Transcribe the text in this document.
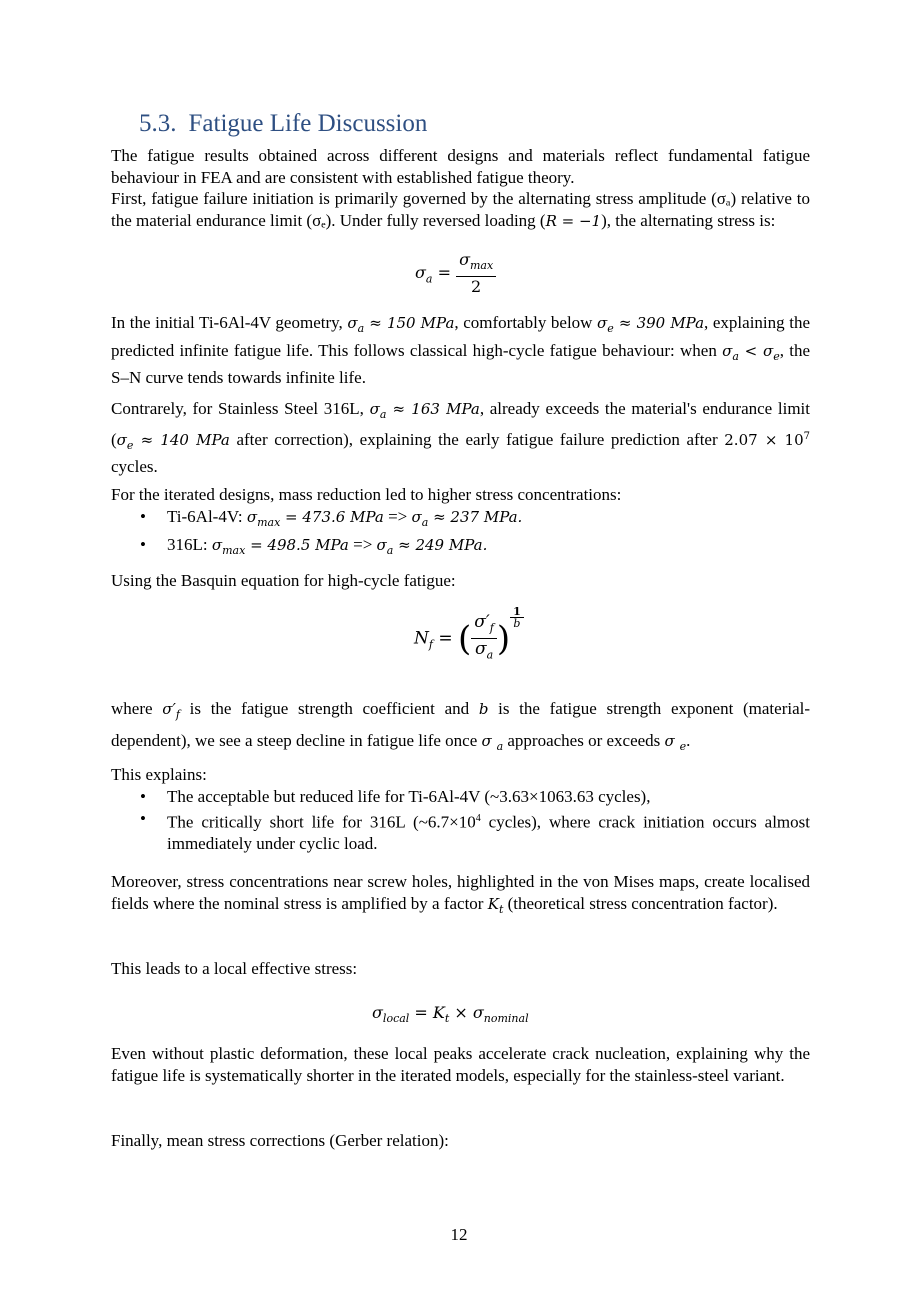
5.3. Fatigue Life Discussion

The fatigue results obtained across different designs and materials reflect fundamental fatigue behaviour in FEA and are consistent with established fatigue theory.

First, fatigue failure initiation is primarily governed by the alternating stress amplitude (σₐ) relative to the material endurance limit (σₑ). Under fully reversed loading (R = −1), the alternating stress is:

$\sigma_a = \frac{\sigma_{max}}{2}$

In the initial Ti-6Al-4V geometry, $\sigma_a \approx 150$ MPa, comfortably below $\sigma_e \approx 390$ MPa, explaining the predicted infinite fatigue life. This follows classical high-cycle fatigue behaviour: when $\sigma_a < \sigma_e$, the S–N curve tends towards infinite life.

Contrarely, for Stainless Steel 316L, $\sigma_a \approx 163$ MPa, already exceeds the material's endurance limit ($\sigma_e \approx 140$ MPa after correction), explaining the early fatigue failure prediction after $2.07 \times 10^7$ cycles.

For the iterated designs, mass reduction led to higher stress concentrations:

• Ti-6Al-4V: $\sigma_{max} = 473.6$ MPa => $\sigma_a \approx 237$ MPa.
• 316L: $\sigma_{max} = 498.5$ MPa => $\sigma_a \approx 249$ MPa.

Using the Basquin equation for high-cycle fatigue:

$N_f$ = ( $\frac{\sigma'_f}{\sigma_a}$ )
$\frac{1}{b}$

where $\sigma'_f$ is the fatigue strength coefficient and b is the fatigue strength exponent (material-dependent), we see a steep decline in fatigue life once σ $_a$ approaches or exceeds σ $_e$.

This explains:

• The acceptable but reduced life for Ti-6Al-4V (~3.63×1063.63 cycles),
• The critically short life for 316L ($\sim 6.7\times 10^4$ cycles), where crack initiation occurs almost immediately under cyclic load.

Moreover, stress concentrations near screw holes, highlighted in the von Mises maps, create localised fields where the nominal stress is amplified by a factor $K_t$ (theoretical stress concentration factor).

This leads to a local effective stress:

$\sigma_{local} = K_t \times \sigma_{nominal}$

Even without plastic deformation, these local peaks accelerate crack nucleation, explaining why the fatigue life is systematically shorter in the iterated models, especially for the stainless-steel variant.

Finally, mean stress corrections (Gerber relation):

12
